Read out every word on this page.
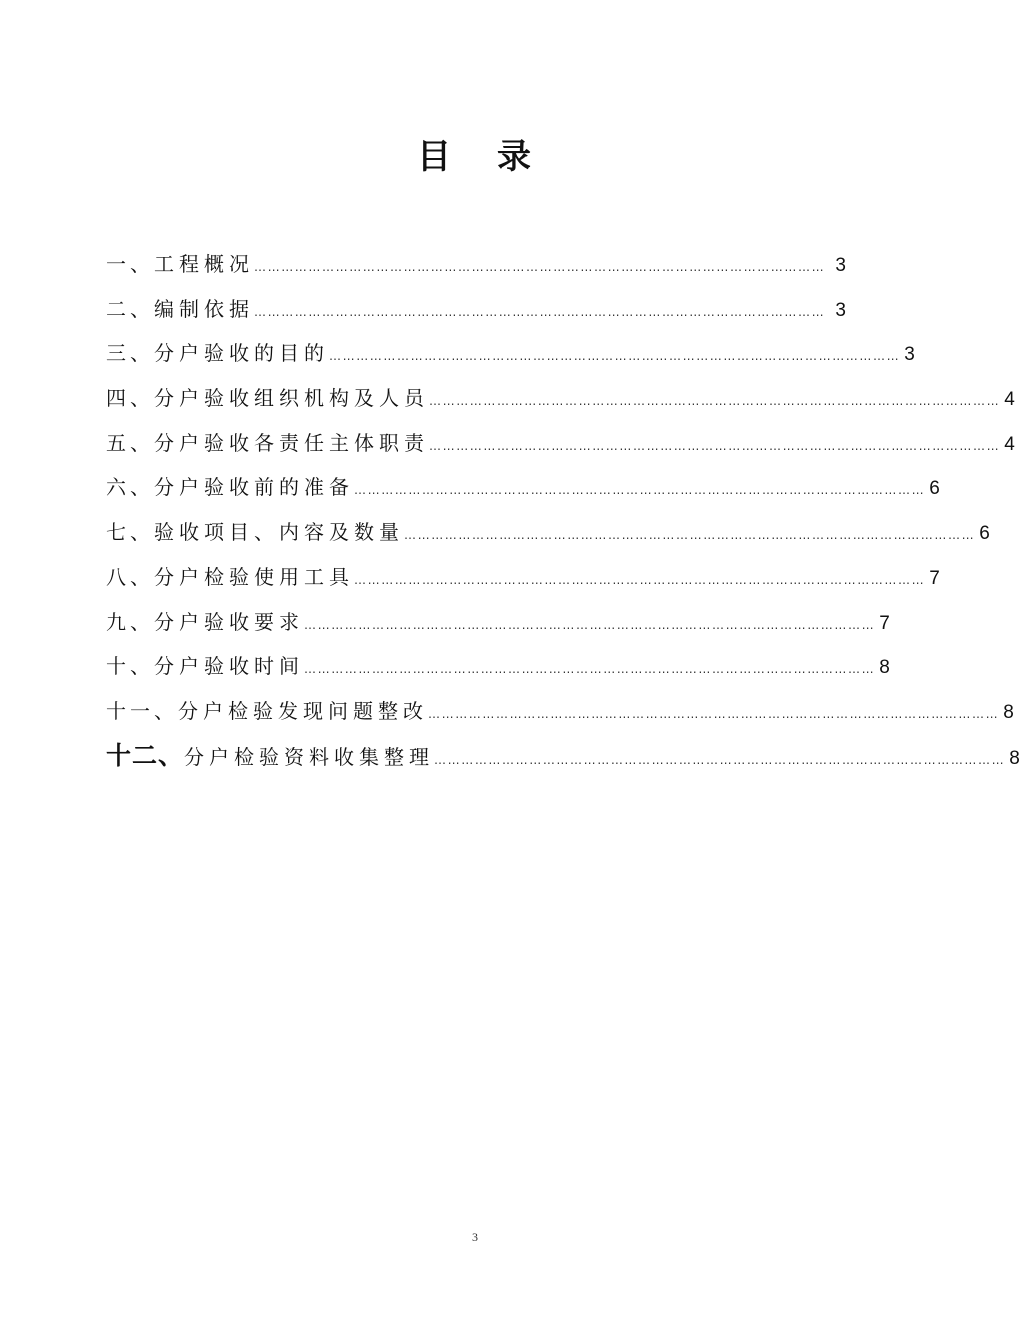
目 录
一、 工程概况 ……………………………………………………………………………………………………………… 3
二、 编制依据 ……………………………………………………………………………………………………………… 3
三、 分户验收的目的 ……………………………………………………………………………………………………………… 3
四、 分户验收组织机构及人员 ……………………………………………………………………………………………………………… 4
五、 分户验收各责任主体职责 ……………………………………………………………………………………………………………… 4
六、 分户验收前的准备 ……………………………………………………………………………………………………………… 6
七、 验收项目、内容及数量 ……………………………………………………………………………………………………………… 6
八、 分户检验使用工具 ……………………………………………………………………………………………………………… 7
九、 分户验收要求 ……………………………………………………………………………………………………………… 7
十、 分户验收时间 ……………………………………………………………………………………………………………… 8
十一、 分户检验发现问题整改 ……………………………………………………………………………………………………………… 8
十二、 分户检验资料收集整理 ……………………………………………………………………………………………………………… 8
3
